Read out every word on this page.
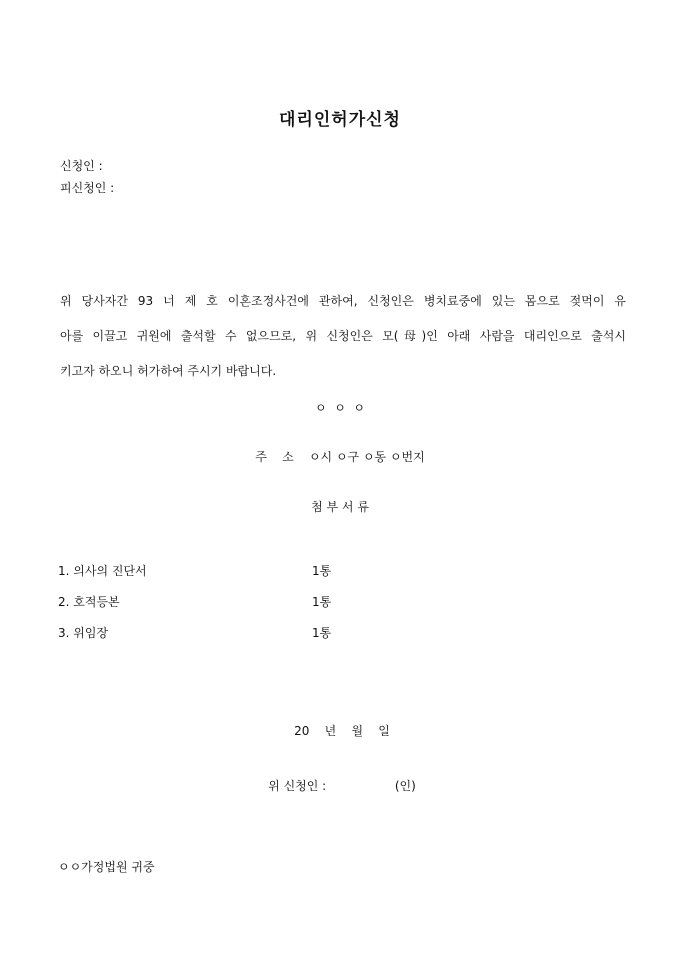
대리인허가신청
신청인 :
피신청인 :
위 당사자간 93 너 제 호 이혼조정사건에 관하여, 신청인은 병치료중에 있는 몸으로 젖먹이 유
아를 이끌고 귀원에 출석할 수 없으므로, 위 신청인은 모(母)인 아래 사람을 대리인으로 출석시
키고자 하오니 허가하여 주시기 바랍니다.
ㅇ  ㅇ  ㅇ
주    소    ㅇ시 ㅇ구 ㅇ동 ㅇ번지
첨 부 서 류
1. 의사의 진단서	1통
2. 호적등본	1통
3. 위임장	1통
20    년    월    일
위 신청인 :                  (인)
ㅇㅇ가정법원 귀중
